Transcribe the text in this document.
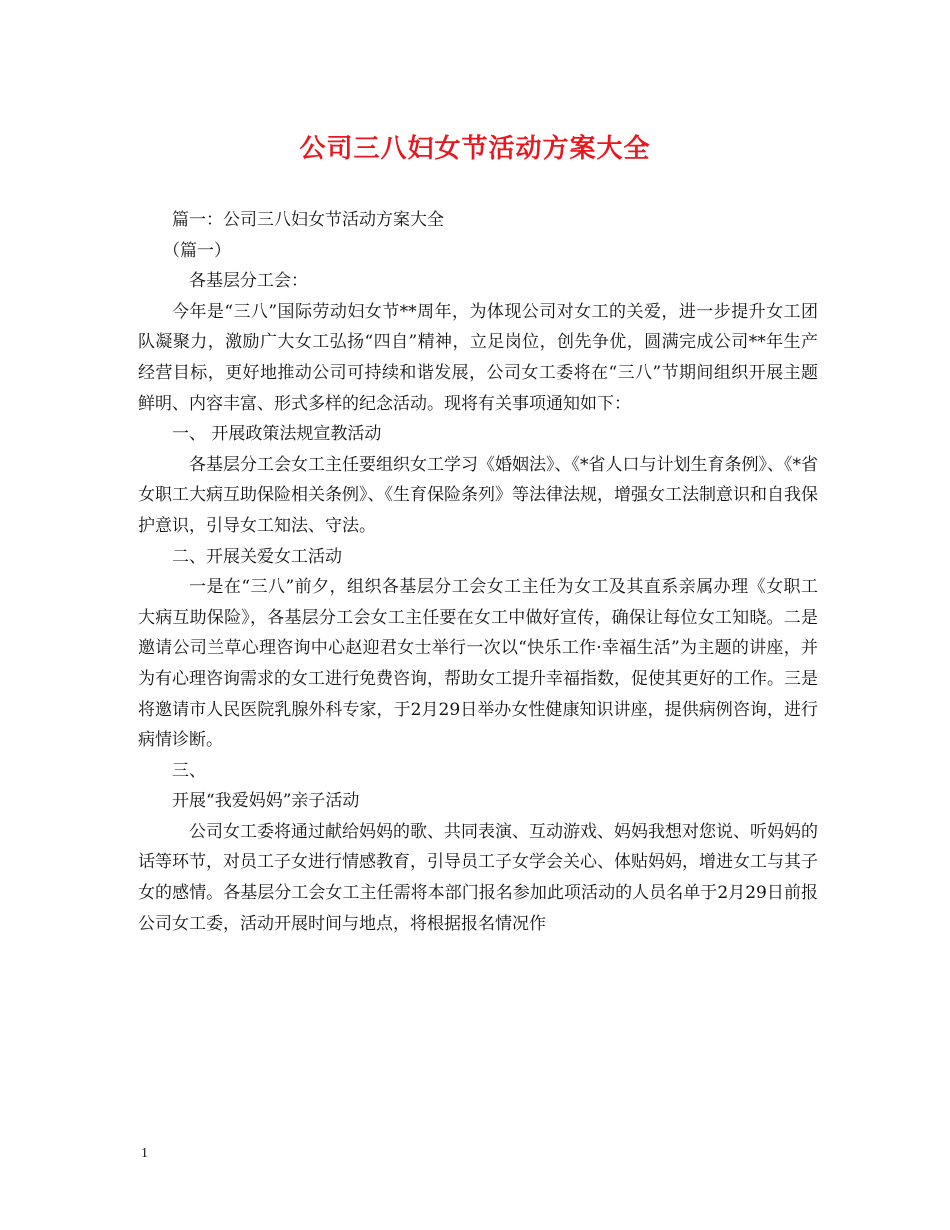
公司三八妇女节活动方案大全

篇一：公司三八妇女节活动方案大全

（篇一）

各基层分工会：

今年是“三八”国际劳动妇女节**周年，为体现公司对女工的关爱，进一步提升女工团队凝聚力，激励广大女工弘扬“四自”精神，立足岗位，创先争优，圆满完成公司**年生产经营目标，更好地推动公司可持续和谐发展，公司女工委将在“三八”节期间组织开展主题鲜明、内容丰富、形式多样的纪念活动。现将有关事项通知如下：

一、 开展政策法规宣教活动

各基层分工会女工主任要组织女工学习《婚姻法》、《*省人口与计划生育条例》、《*省女职工大病互助保险相关条例》、《生育保险条列》等法律法规，增强女工法制意识和自我保护意识，引导女工知法、守法。

二、开展关爱女工活动

一是在“三八”前夕，组织各基层分工会女工主任为女工及其直系亲属办理《女职工大病互助保险》，各基层分工会女工主任要在女工中做好宣传，确保让每位女工知晓。二是邀请公司兰草心理咨询中心赵迎君女士举行一次以“快乐工作·幸福生活”为主题的讲座，并为有心理咨询需求的女工进行免费咨询，帮助女工提升幸福指数，促使其更好的工作。三是将邀请市人民医院乳腺外科专家，于2月29日举办女性健康知识讲座，提供病例咨询，进行病情诊断。

三、

开展“我爱妈妈”亲子活动

公司女工委将通过献给妈妈的歌、共同表演、互动游戏、妈妈我想对您说、听妈妈的话等环节，对员工子女进行情感教育，引导员工子女学会关心、体贴妈妈，增进女工与其子女的感情。各基层分工会女工主任需将本部门报名参加此项活动的人员名单于2月29日前报公司女工委，活动开展时间与地点，将根据报名情况作

1
